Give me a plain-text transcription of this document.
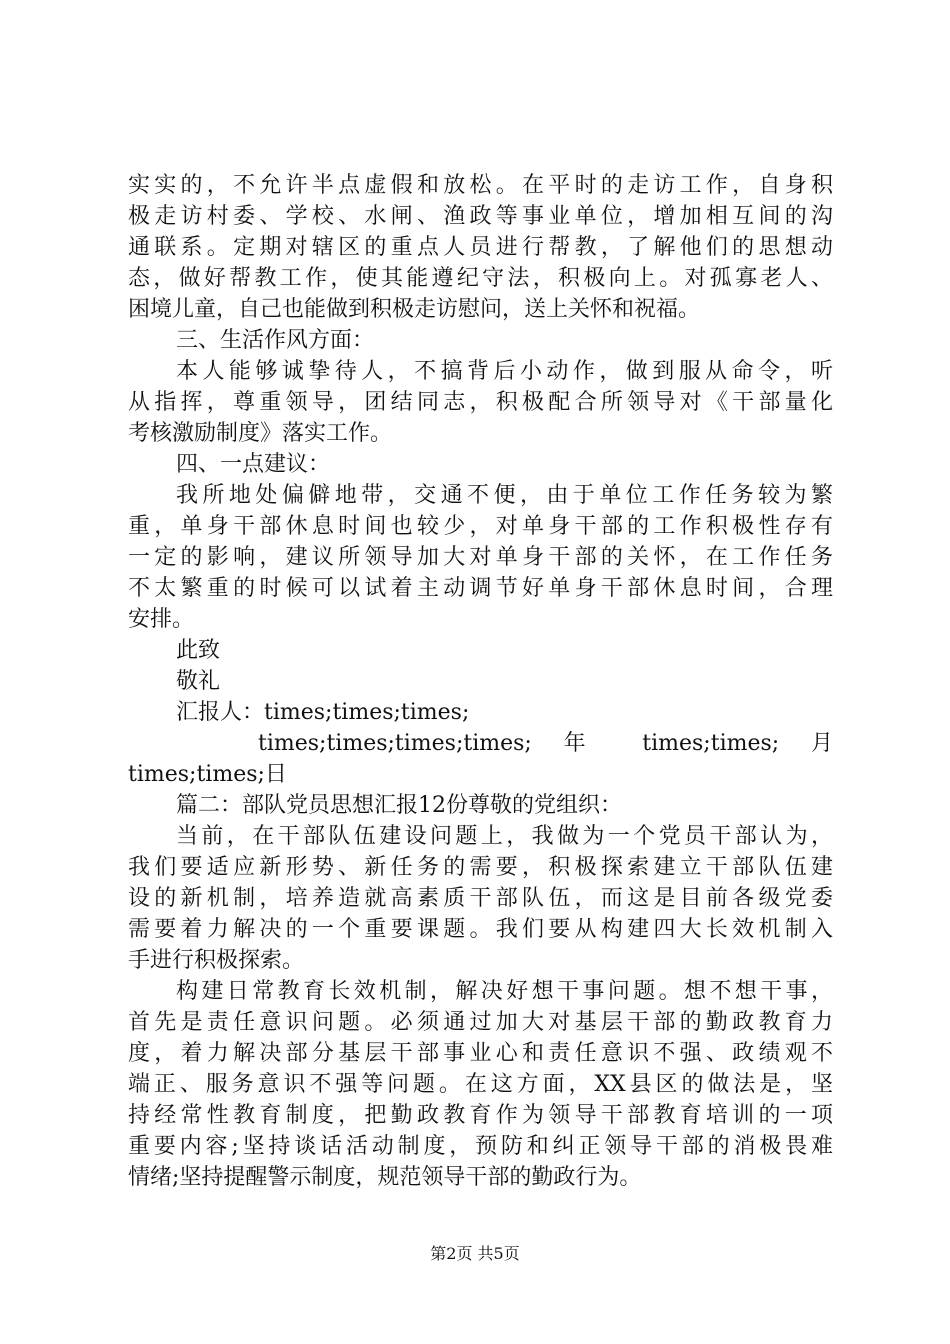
实实的，不允许半点虚假和放松。在平时的走访工作，自身积
极走访村委、学校、水闸、渔政等事业单位，增加相互间的沟
通联系。定期对辖区的重点人员进行帮教，了解他们的思想动
态，做好帮教工作，使其能遵纪守法，积极向上。对孤寡老人、
困境儿童，自己也能做到积极走访慰问，送上关怀和祝福。
三、生活作风方面：
本人能够诚挚待人，不搞背后小动作，做到服从命令，听
从指挥，尊重领导，团结同志，积极配合所领导对《干部量化
考核激励制度》落实工作。
四、一点建议：
我所地处偏僻地带，交通不便，由于单位工作任务较为繁
重，单身干部休息时间也较少，对单身干部的工作积极性存有
一定的影响，建议所领导加大对单身干部的关怀，在工作任务
不太繁重的时候可以试着主动调节好单身干部休息时间，合理
安排。
此致
敬礼
汇报人：times;times;times;
times;times;times;times; 年 times;times; 月
times;times;日
篇二：部队党员思想汇报12份尊敬的党组织：
当前，在干部队伍建设问题上，我做为一个党员干部认为，
我们要适应新形势、新任务的需要，积极探索建立干部队伍建
设的新机制，培养造就高素质干部队伍，而这是目前各级党委
需要着力解决的一个重要课题。我们要从构建四大长效机制入
手进行积极探索。
构建日常教育长效机制，解决好想干事问题。想不想干事，
首先是责任意识问题。必须通过加大对基层干部的勤政教育力
度，着力解决部分基层干部事业心和责任意识不强、政绩观不
端正、服务意识不强等问题。在这方面，XX县区的做法是，坚
持经常性教育制度，把勤政教育作为领导干部教育培训的一项
重要内容;坚持谈话活动制度，预防和纠正领导干部的消极畏难
情绪;坚持提醒警示制度，规范领导干部的勤政行为。
第2页 共5页
